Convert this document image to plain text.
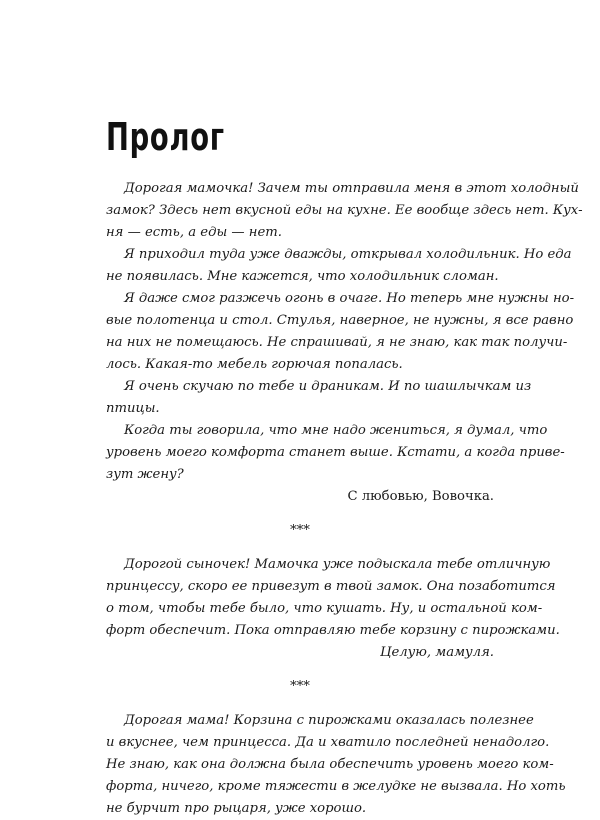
Пролог
Дорогая мамочка! Зачем ты отправила меня в этот холодный
замок? Здесь нет вкусной еды на кухне. Ее вообще здесь нет. Кух-
ня — есть, а еды — нет.
Я приходил туда уже дважды, открывал холодильник. Но еда
не появилась. Мне кажется, что холодильник сломан.
Я даже смог разжечь огонь в очаге. Но теперь мне нужны но-
вые полотенца и стол. Стулья, наверное, не нужны, я все равно
на них не помещаюсь. Не спрашивай, я не знаю, как так получи-
лось. Какая-то мебель горючая попалась.
Я очень скучаю по тебе и драникам. И по шашлычкам из
птицы.
Когда ты говорила, что мне надо жениться, я думал, что
уровень моего комфорта станет выше. Кстати, а когда приве-
зут жену?
С любовью, Вовочка.
***
Дорогой сыночек! Мамочка уже подыскала тебе отличную
принцессу, скоро ее привезут в твой замок. Она позаботится
о том, чтобы тебе было, что кушать. Ну, и остальной ком-
форт обеспечит. Пока отправляю тебе корзину с пирожками.
Целую, мамуля.
***
Дорогая мама! Корзина с пирожками оказалась полезнее
и вкуснее, чем принцесса. Да и хватило последней ненадолго.
Не знаю, как она должна была обеспечить уровень моего ком-
форта, ничего, кроме тяжести в желудке не вызвала. Но хоть
не бурчит про рыцаря, уже хорошо.
